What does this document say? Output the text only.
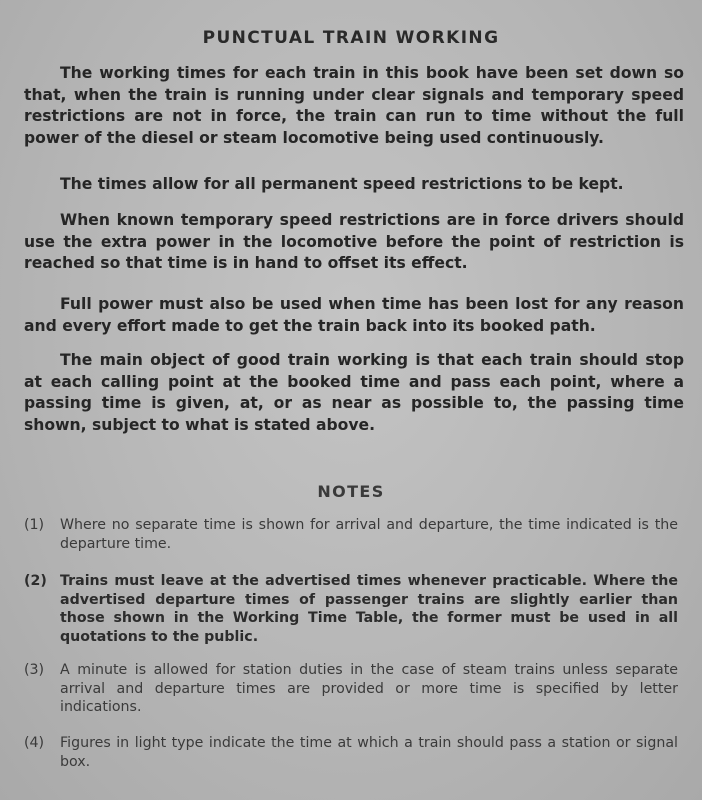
PUNCTUAL TRAIN WORKING
The working times for each train in this book have been set down so that, when the train is running under clear signals and temporary speed restrictions are not in force, the train can run to time without the full power of the diesel or steam locomotive being used continuously.
The times allow for all permanent speed restrictions to be kept.
When known temporary speed restrictions are in force drivers should use the extra power in the locomotive before the point of restriction is reached so that time is in hand to offset its effect.
Full power must also be used when time has been lost for any reason and every effort made to get the train back into its booked path.
The main object of good train working is that each train should stop at each calling point at the booked time and pass each point, where a passing time is given, at, or as near as possible to, the passing time shown, subject to what is stated above.
NOTES
(1)	Where no separate time is shown for arrival and departure, the time indicated is the departure time.
(2) Trains must leave at the advertised times whenever practicable. Where the advertised departure times of passenger trains are slightly earlier than those shown in the Working Time Table, the former must be used in all quotations to the public.
(3)	A minute is allowed for station duties in the case of steam trains unless separate arrival and departure times are provided or more time is specified by letter indications.
(4)	Figures in light type indicate the time at which a train should pass a station or signal box.
